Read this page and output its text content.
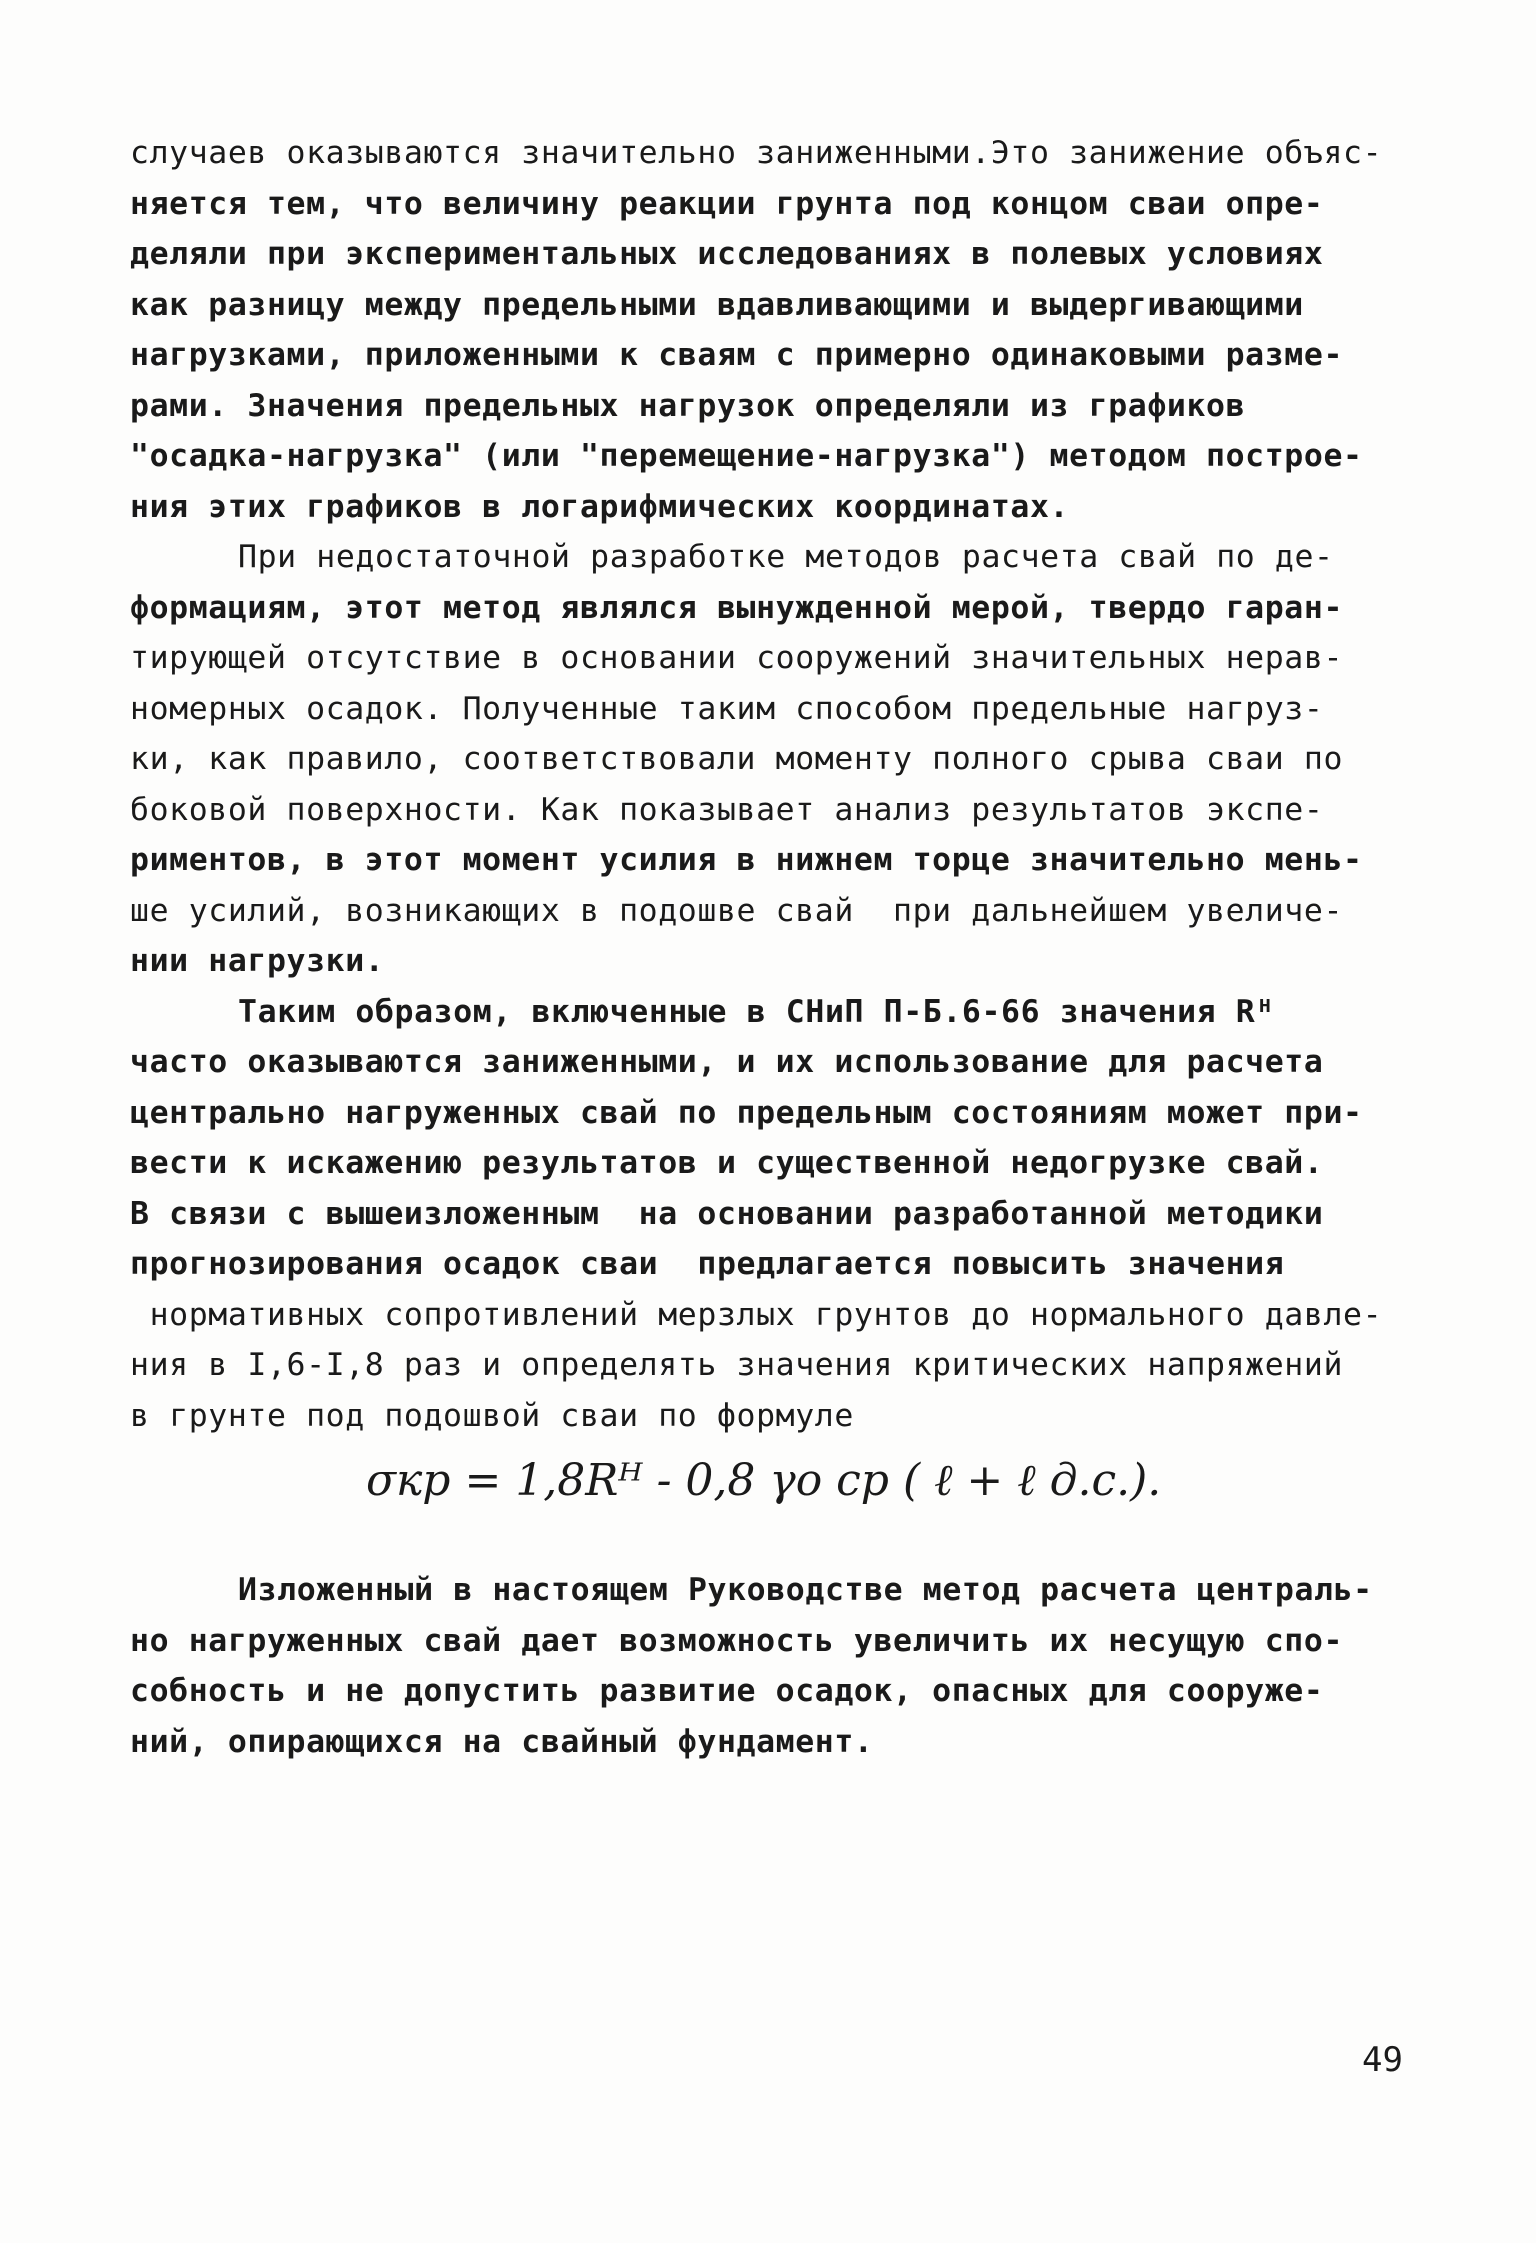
случаев оказываются значительно заниженными.Это занижение объяс-
няется тем, что величину реакции грунта под концом сваи опре-
деляли при экспериментальных исследованиях в полевых условиях
как разницу между предельными вдавливающими и выдергивающими
нагрузками, приложенными к сваям с примерно одинаковыми разме-
рами. Значения предельных нагрузок определяли из графиков
"осадка-нагрузка" (или "перемещение-нагрузка") методом построе-
ния этих графиков в логарифмических координатах.
При недостаточной разработке методов расчета свай по де-
формациям, этот метод являлся вынужденной мерой, твердо гаран-
тирующей отсутствие в основании сооружений значительных нерав-
номерных осадок. Полученные таким способом предельные нагруз-
ки, как правило, соответствовали моменту полного срыва сваи по
боковой поверхности. Как показывает анализ результатов экспе-
риментов, в этот момент усилия в нижнем торце значительно мень-
ше усилий, возникающих в подошве свай  при дальнейшем увеличе-
нии нагрузки.
Таким образом, включенные в СНиП П-Б.6-66 значения Rᴴ
часто оказываются заниженными, и их использование для расчета
центрально нагруженных свай по предельным состояниям может при-
вести к искажению результатов и существенной недогрузке свай.
В связи с вышеизложенным  на основании разработанной методики
прогнозирования осадок сваи  предлагается повысить значения
нормативных сопротивлений мерзлых грунтов до нормального давле-
ния в I,6-I,8 раз и определять значения критических напряжений
в грунте под подошвой сваи по формуле
σкр = 1,8Rᴴ - 0,8 γо ср ( ℓ + ℓ д.с.).
Изложенный в настоящем Руководстве метод расчета централь-
но нагруженных свай дает возможность увеличить их несущую спо-
собность и не допустить развитие осадок, опасных для сооруже-
ний, опирающихся на свайный фундамент.
49
